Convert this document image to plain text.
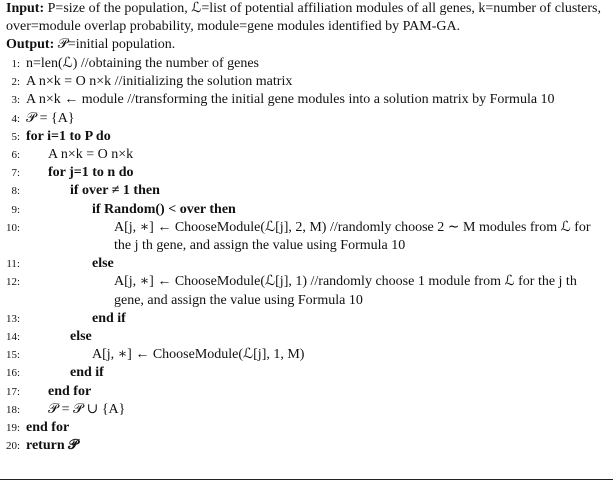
Input: P=size of the population, ℒ=list of potential affiliation modules of all genes, k=number of clusters, over=module overlap probability, module=gene modules identified by PAM-GA.
Output: 𝒫=initial population.
1: n=len(ℒ) //obtaining the number of genes
2: A n×k = O n×k //initializing the solution matrix
3: A n×k ← module //transforming the initial gene modules into a solution matrix by Formula 10
4: 𝒫 = {A}
5: for i=1 to P do
6: A n×k = O n×k
7: for j=1 to n do
8:	if over ≠ 1 then
9:	if Random() < over then
10:	A[j, ∗] ← ChooseModule(ℒ[j], 2, M) //randomly choose 2 ∼ M modules from ℒ for the j th gene, and assign the value using Formula 10
11:	else
12:	A[j, ∗] ← ChooseModule(ℒ[j], 1) //randomly choose 1 module from ℒ for the j th gene, and assign the value using Formula 10
13:	end if
14:	else
15:	A[j, ∗] ← ChooseModule(ℒ[j], 1, M)
16:	end if
17: end for
18: 𝒫 = 𝒫 ∪ {A}
19: end for
20: return 𝒫
